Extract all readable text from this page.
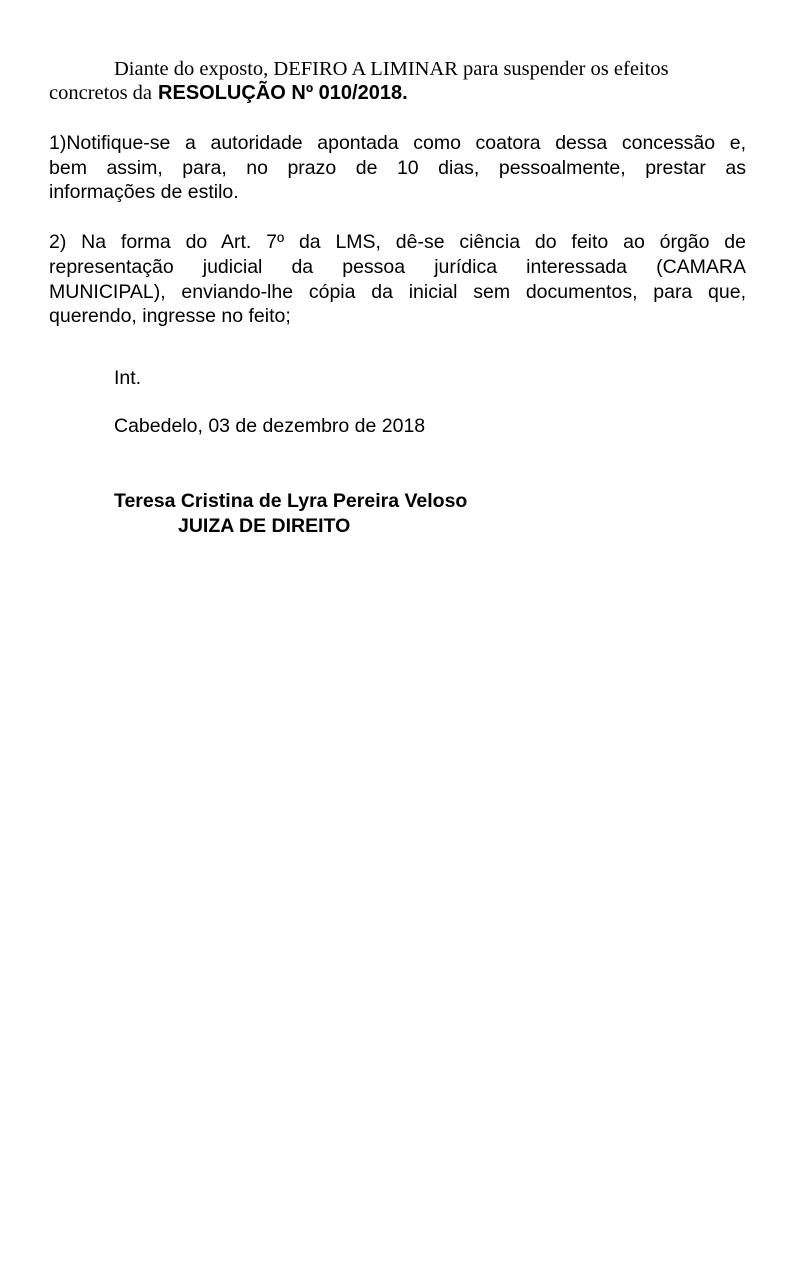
Diante do exposto, DEFIRO A LIMINAR para suspender os efeitos
concretos da RESOLUÇÃO Nº 010/2018.
1)Notifique-se a autoridade apontada como coatora dessa concessão e,
bem assim, para, no prazo de 10 dias, pessoalmente, prestar as
informações de estilo.
2) Na forma do Art. 7º da LMS, dê-se ciência do feito ao órgão de
representação judicial da pessoa jurídica interessada (CAMARA
MUNICIPAL), enviando-lhe cópia da inicial sem documentos, para que,
querendo, ingresse no feito;
Int.
Cabedelo, 03 de dezembro de 2018
Teresa Cristina de Lyra Pereira Veloso
JUIZA DE DIREITO
